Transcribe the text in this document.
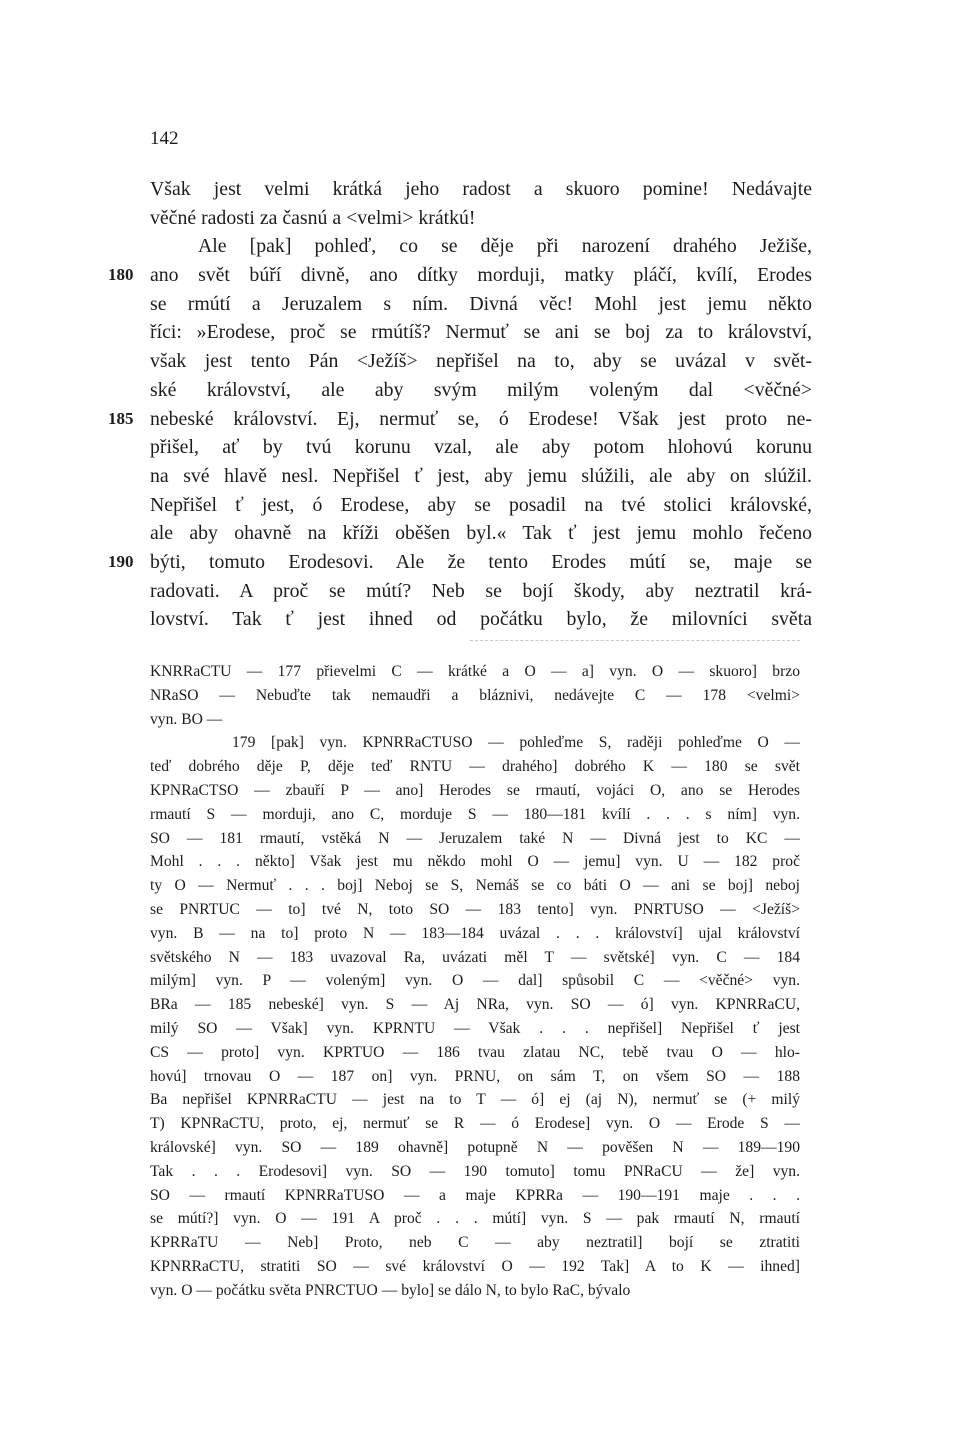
142
Však jest velmi krátká jeho radost a skuoro pomine! Nedávajte
věčné radosti za časnú a <velmi> krátkú!
Ale [pak] pohleď, co se děje při narození drahého Ježiše,
180 ano svět búří divně, ano dítky morduji, matky pláčí, kvílí, Erodes
se rmútí a Jeruzalem s ním. Divná věc! Mohl jest jemu někto
říci: »Erodese, proč se rmútíš? Nermuť se ani se boj za to království,
však jest tento Pán <Ježíš> nepřišel na to, aby se uvázal v svět-
ské království, ale aby svým milým voleným dal <věčné>
185 nebeské království. Ej, nermuť se, ó Erodese! Však jest proto ne-
přišel, ať by tvú korunu vzal, ale aby potom hlohovú korunu
na své hlavě nesl. Nepřišel ť jest, aby jemu slúžili, ale aby on slúžil.
Nepřišel ť jest, ó Erodese, aby se posadil na tvé stolici královské,
ale aby ohavně na kříži oběšen byl.« Tak ť jest jemu mohlo řečeno
190 býti, tomuto Erodesovi. Ale že tento Erodes mútí se, maje se
radovati. A proč se mútí? Neb se bojí škody, aby neztratil krá-
lovství. Tak ť jest ihned od počátku bylo, že milovníci světa
KNRRaCTU — 177 přievelmi C — krátké a O — a] vyn. O — skuoro] brzo
NRaSO — Nebuďte tak nemaudři a bláznivi, nedávejte C — 178 <velmi>
vyn. BO —
179 [pak] vyn. KPNRRaCTUSO — pohleďme S, raději pohleďme O —
teď dobrého děje P, děje teď RNTU — drahého] dobrého K — 180 se svět
KPNRaCTSO — zbauří P — ano] Herodes se rmautí, vojáci O, ano se Herodes
rmautí S — morduji, ano C, morduje S — 180—181 kvílí . . . s ním] vyn.
SO — 181 rmautí, vstěká N — Jeruzalem také N — Divná jest to KC —
Mohl . . . někto] Však jest mu někdo mohl O — jemu] vyn. U — 182 proč
ty O — Nermuť . . . boj] Neboj se S, Nemáš se co báti O — ani se boj] neboj
se PNRTUC — to] tvé N, toto SO — 183 tento] vyn. PNRTUSO — <Ježíš>
vyn. B — na to] proto N — 183—184 uvázal . . . království] ujal království
světského N — 183 uvazoval Ra, uvázati měl T — světské] vyn. C — 184
milým] vyn. P — voleným] vyn. O — dal] spůsobil C — <věčné> vyn.
BRa — 185 nebeské] vyn. S — Aj NRa, vyn. SO — ó] vyn. KPNRRaCU,
milý SO — Však] vyn. KPRNTU — Však . . . nepřišel] Nepřišel ť jest
CS — proto] vyn. KPRTUO — 186 tvau zlatau NC, tebě tvau O — hlo-
hovú] trnovau O — 187 on] vyn. PRNU, on sám T, on všem SO — 188
Ba nepřišel KPNRRaCTU — jest na to T — ó] ej (aj N), nermuť se (+ milý
T) KPNRaCTU, proto, ej, nermuť se R — ó Erodese] vyn. O — Erode S —
královské] vyn. SO — 189 ohavně] potupně N — pověšen N — 189—190
Tak . . . Erodesovi] vyn. SO — 190 tomuto] tomu PNRaCU — že] vyn.
SO — rmautí KPNRRaTUSO — a maje KPRRa — 190—191 maje . . .
se mútí?] vyn. O — 191 A proč . . . mútí] vyn. S — pak rmautí N, rmautí
KPRRaTU — Neb] Proto, neb C — aby neztratil] bojí se ztratiti
KPNRRaCTU, stratiti SO — své království O — 192 Tak] A to K — ihned]
vyn. O — počátku světa PNRCTUO — bylo] se dálo N, to bylo RaC, bývalo
